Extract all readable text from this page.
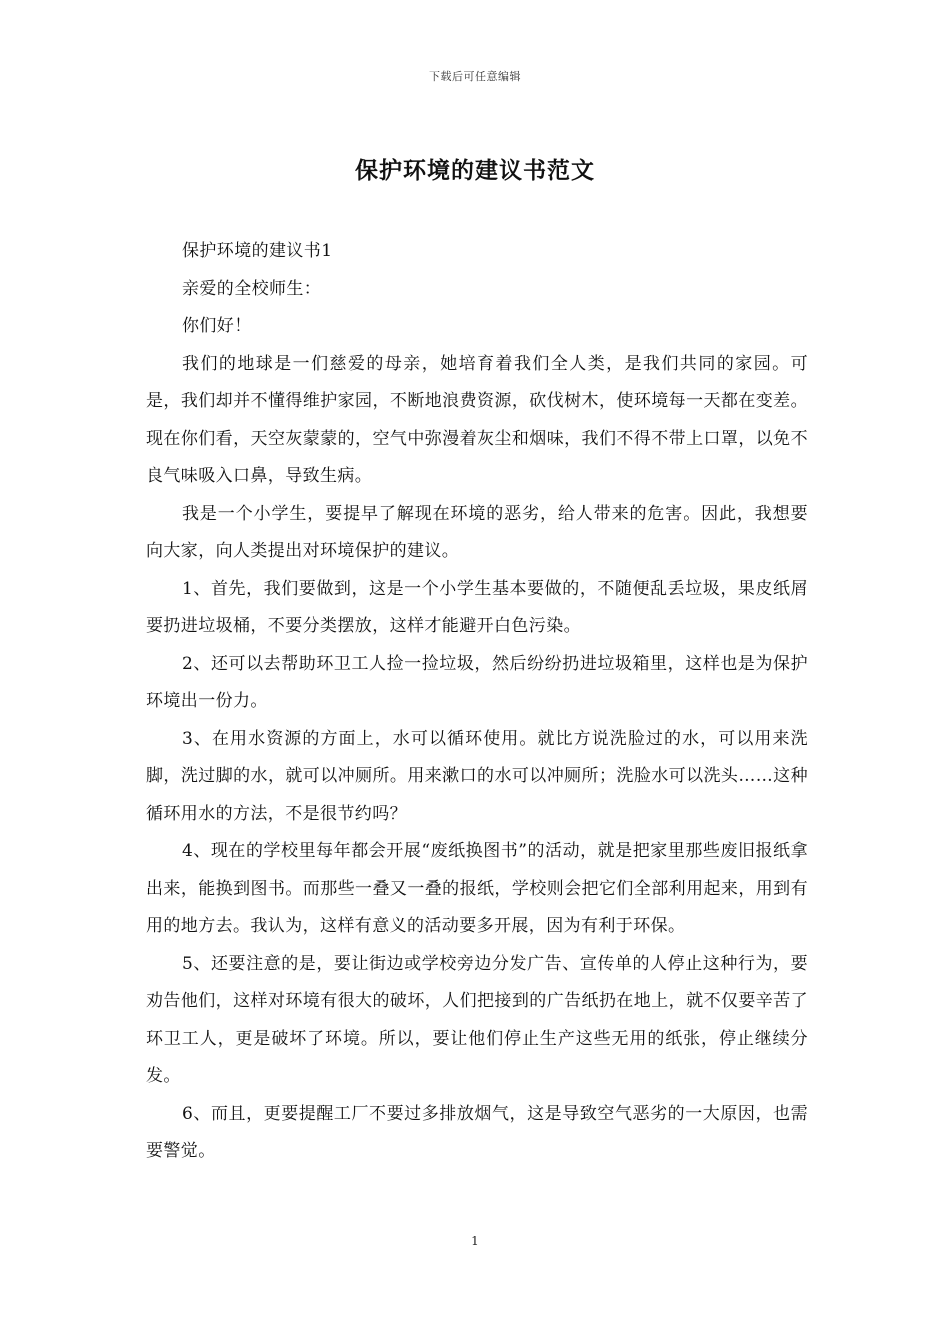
下载后可任意编辑
保护环境的建议书范文

保护环境的建议书1

亲爱的全校师生：

你们好！

我们的地球是一们慈爱的母亲，她培育着我们全人类，是我们共同的家园。可是，我们却并不懂得维护家园，不断地浪费资源，砍伐树木，使环境每一天都在变差。现在你们看，天空灰蒙蒙的，空气中弥漫着灰尘和烟味，我们不得不带上口罩，以免不良气味吸入口鼻，导致生病。

我是一个小学生，要提早了解现在环境的恶劣，给人带来的危害。因此，我想要向大家，向人类提出对环境保护的建议。

1、首先，我们要做到，这是一个小学生基本要做的，不随便乱丢垃圾，果皮纸屑要扔进垃圾桶，不要分类摆放，这样才能避开白色污染。

2、还可以去帮助环卫工人捡一捡垃圾，然后纷纷扔进垃圾箱里，这样也是为保护环境出一份力。

3、在用水资源的方面上，水可以循环使用。就比方说洗脸过的水，可以用来洗脚，洗过脚的水，就可以冲厕所。用来漱口的水可以冲厕所；洗脸水可以洗头……这种循环用水的方法，不是很节约吗？

4、现在的学校里每年都会开展“废纸换图书”的活动，就是把家里那些废旧报纸拿出来，能换到图书。而那些一叠又一叠的报纸，学校则会把它们全部利用起来，用到有用的地方去。我认为，这样有意义的活动要多开展，因为有利于环保。

5、还要注意的是，要让街边或学校旁边分发广告、宣传单的人停止这种行为，要劝告他们，这样对环境有很大的破坏，人们把接到的广告纸扔在地上，就不仅要辛苦了环卫工人，更是破坏了环境。所以，要让他们停止生产这些无用的纸张，停止继续分发。

6、而且，更要提醒工厂不要过多排放烟气，这是导致空气恶劣的一大原因，也需要警觉。

1
